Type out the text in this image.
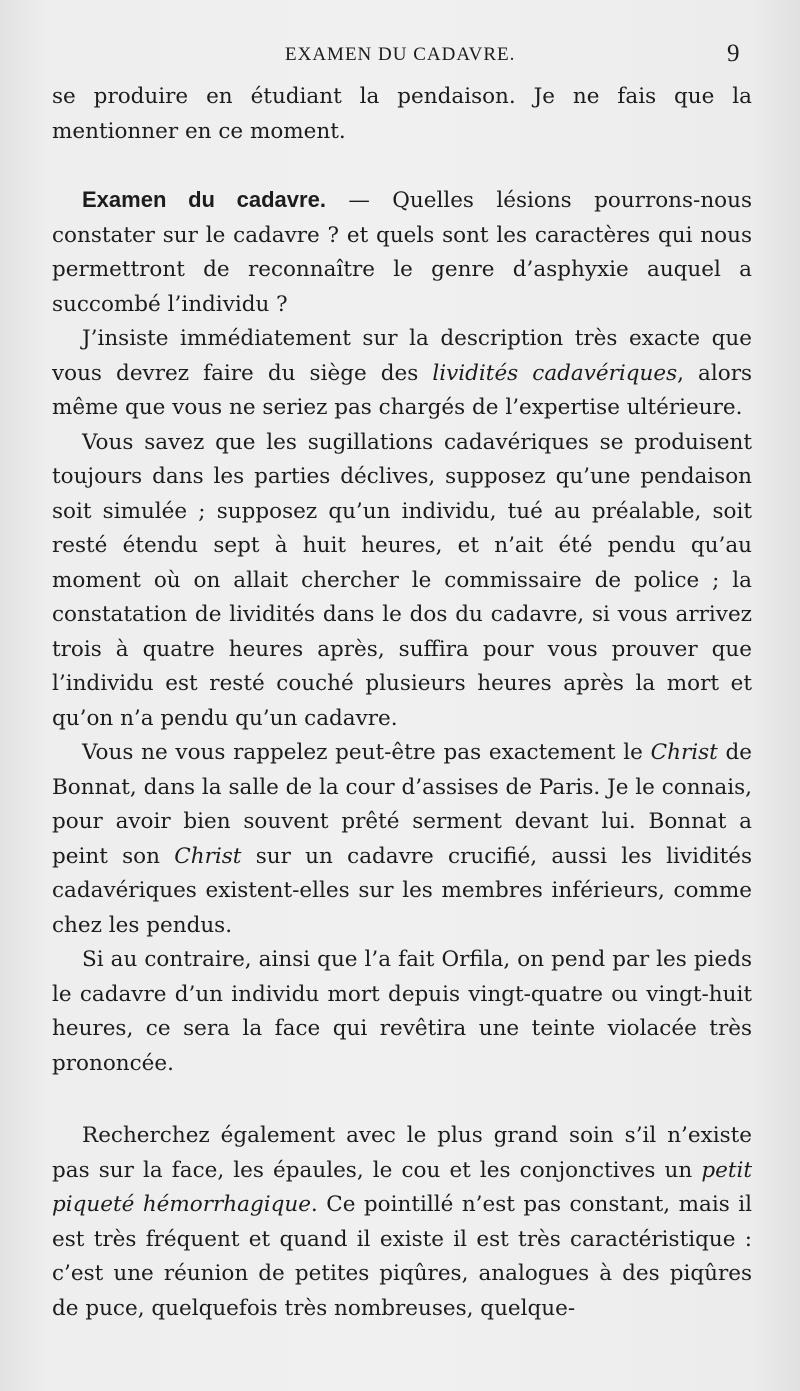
EXAMEN DU CADAVRE.	9

se produire en étudiant la pendaison. Je ne fais que la mentionner en ce moment.

Examen du cadavre. — Quelles lésions pourrons-nous constater sur le cadavre ? et quels sont les caractères qui nous permettront de reconnaître le genre d’asphyxie auquel a succombé l’individu ?

J’insiste immédiatement sur la description très exacte que vous devrez faire du siège des lividités cadavériques, alors même que vous ne seriez pas chargés de l’expertise ultérieure.

Vous savez que les sugillations cadavériques se produisent toujours dans les parties déclives, supposez qu’une pendaison soit simulée ; supposez qu’un individu, tué au préalable, soit resté étendu sept à huit heures, et n’ait été pendu qu’au moment où on allait chercher le commissaire de police ; la constatation de lividités dans le dos du cadavre, si vous arrivez trois à quatre heures après, suffira pour vous prouver que l’individu est resté couché plusieurs heures après la mort et qu’on n’a pendu qu’un cadavre.

Vous ne vous rappelez peut-être pas exactement le Christ de Bonnat, dans la salle de la cour d’assises de Paris. Je le connais, pour avoir bien souvent prêté serment devant lui. Bonnat a peint son Christ sur un cadavre crucifié, aussi les lividités cadavériques existent-elles sur les membres inférieurs, comme chez les pendus.

Si au contraire, ainsi que l’a fait Orfila, on pend par les pieds le cadavre d’un individu mort depuis vingt-quatre ou vingt-huit heures, ce sera la face qui revêtira une teinte violacée très prononcée.

Recherchez également avec le plus grand soin s’il n’existe pas sur la face, les épaules, le cou et les conjonctives un petit piqueté hémorrhagique. Ce pointillé n’est pas constant, mais il est très fréquent et quand il existe il est très caractéristique : c’est une réunion de petites piqûres, analogues à des piqûres de puce, quelquefois très nombreuses, quelque-
